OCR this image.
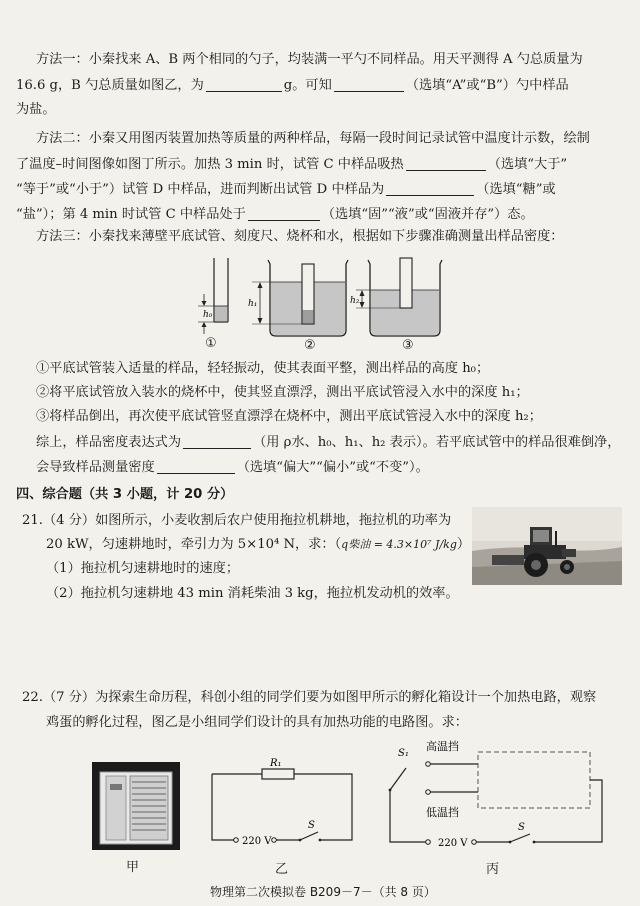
方法一：小秦找来 A、B 两个相同的勺子，均装满一平勺不同样品。用天平测得 A 勺总质量为
16.6 g，B 勺总质量如图乙，为	g。可知	（选填“A”或“B”）勺中样品
为盐。
方法二：小秦又用图丙装置加热等质量的两种样品，每隔一段时间记录试管中温度计示数，绘制
了温度–时间图像如图丁所示。加热 3 min 时，试管 C 中样品吸热	（选填“大于”
“等于”或“小于”）试管 D 中样品，进而判断出试管 D 中样品为	（选填“糖”或
“盐”）；第 4 min 时试管 C 中样品处于	（选填“固”“液”或“固液并存”）态。
方法三：小秦找来薄壁平底试管、刻度尺、烧杯和水，根据如下步骤准确测量出样品密度：
h₀
h₁	h₂
①	②	③
①平底试管装入适量的样品，轻轻振动，使其表面平整，测出样品的高度 h₀；
②将平底试管放入装水的烧杯中，使其竖直漂浮，测出平底试管浸入水中的深度 h₁；
③将样品倒出，再次使平底试管竖直漂浮在烧杯中，测出平底试管浸入水中的深度 h₂；
综上，样品密度表达式为	（用 ρ水、h₀、h₁、h₂ 表示）。若平底试管中的样品很难倒净，
会导致样品测量密度	（选填“偏大”“偏小”或“不变”）。
四、综合题（共 3 小题，计 20 分）
21.（4 分）如图所示，小麦收割后农户使用拖拉机耕地，拖拉机的功率为
20 kW，匀速耕地时，牵引力为 5×10⁴ N，求：（q柴油 = 4.3×10⁷ J/kg）
（1）拖拉机匀速耕地时的速度；
（2）拖拉机匀速耕地 43 min 消耗柴油 3 kg，拖拉机发动机的效率。
22.（7 分）为探索生命历程，科创小组的同学们要为如图甲所示的孵化箱设计一个加热电路，观察
鸡蛋的孵化过程，图乙是小组同学们设计的具有加热功能的电路图。求：
甲
R₁
220 V
S
乙
S₁
高温挡
低温挡
220 V
S
丙
物理第二次模拟卷 B209－7－（共 8 页）
